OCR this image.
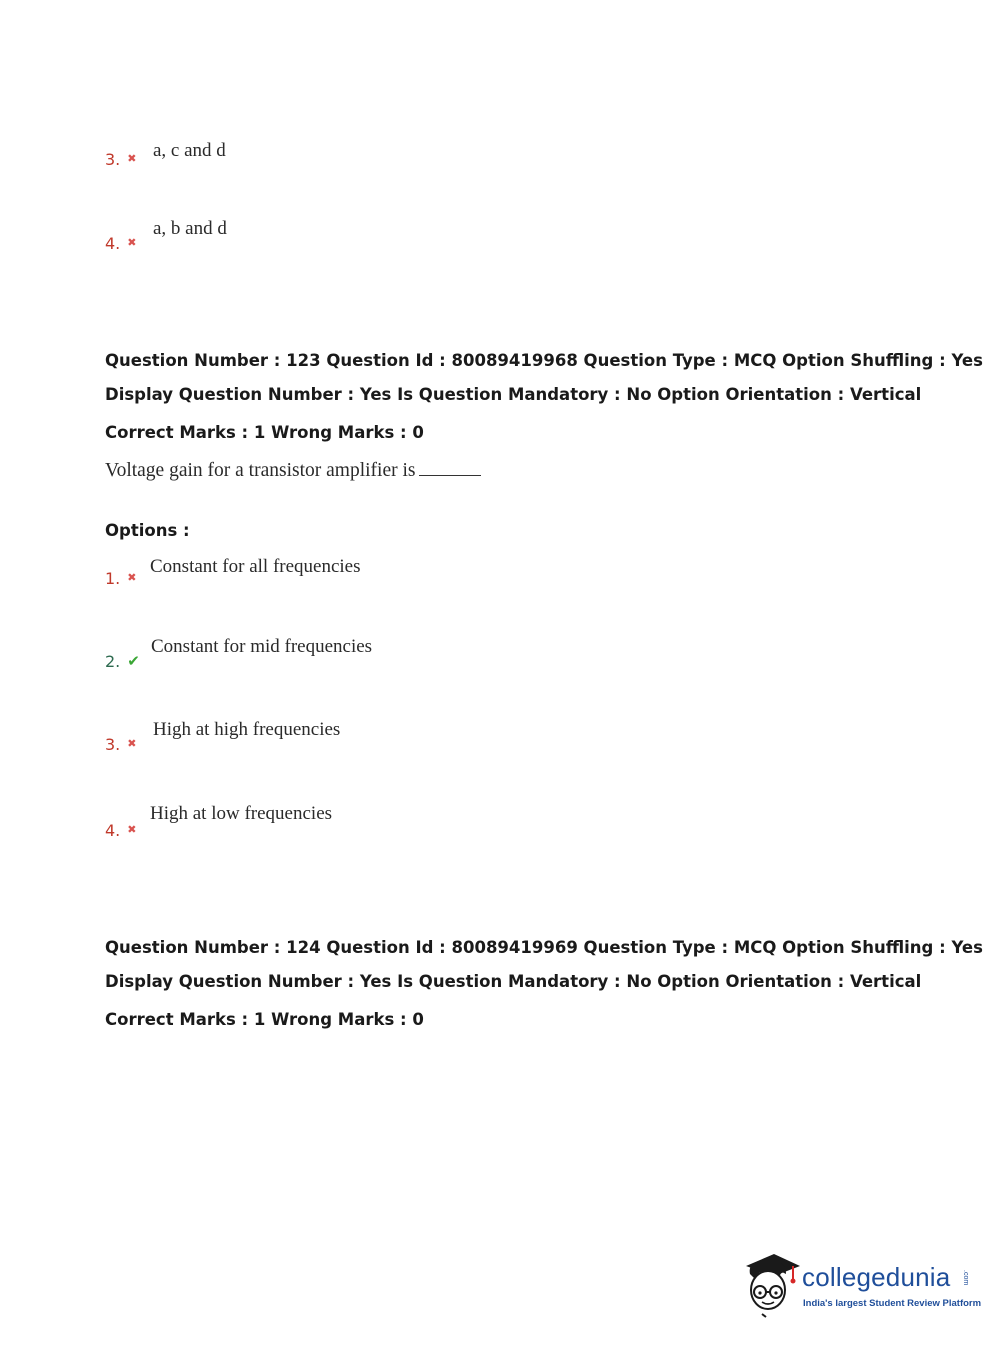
3. ✖ a, c and d
4. ✖
a, b and d
Question Number : 123 Question Id : 80089419968 Question Type : MCQ Option Shuffling : Yes
Display Question Number : Yes Is Question Mandatory : No Option Orientation : Vertical
Correct Marks : 1 Wrong Marks : 0
Voltage gain for a transistor amplifier is
Options :
1. ✖
Constant for all frequencies
2. ✔
Constant for mid frequencies
3. ✖
High at high frequencies
4. ✖
High at low frequencies
Question Number : 124 Question Id : 80089419969 Question Type : MCQ Option Shuffling : Yes
Display Question Number : Yes Is Question Mandatory : No Option Orientation : Vertical
Correct Marks : 1 Wrong Marks : 0
collegedunia .com
India's largest Student Review Platform
